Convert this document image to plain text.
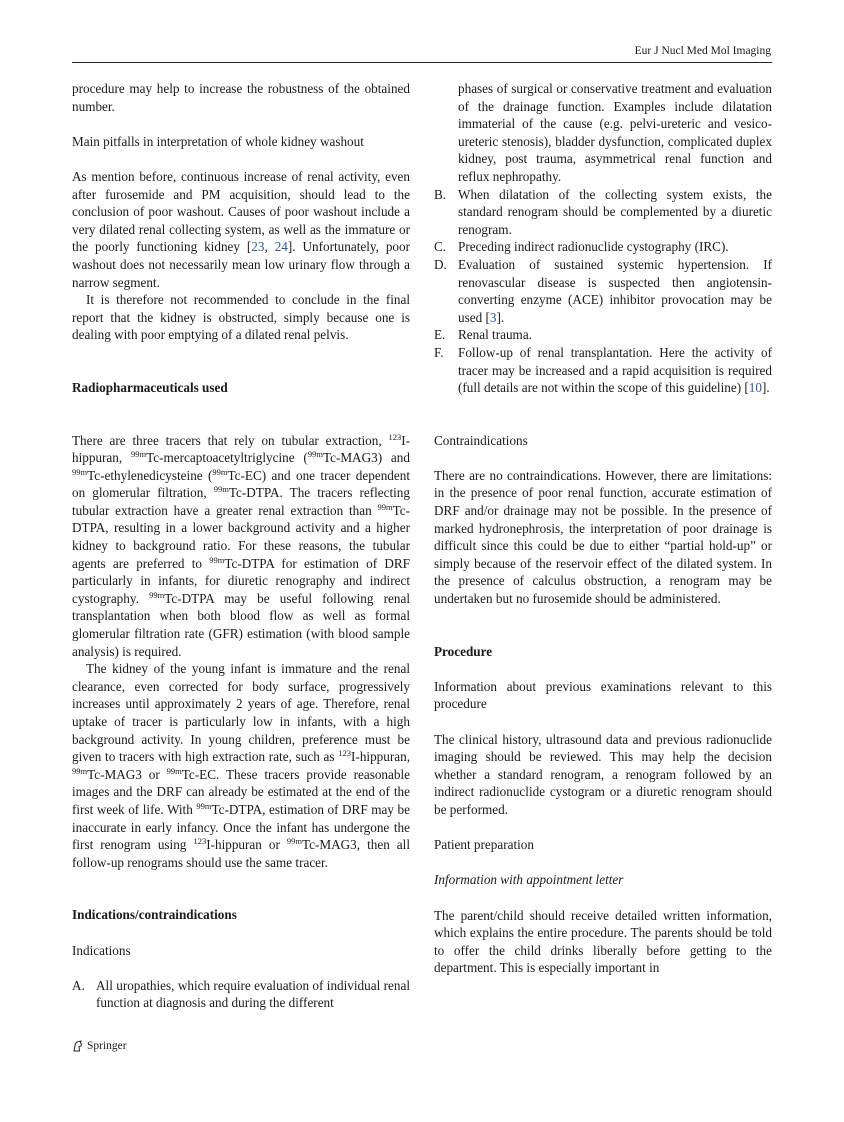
Eur J Nucl Med Mol Imaging

procedure may help to increase the robustness of the obtained number.

Main pitfalls in interpretation of whole kidney washout

As mention before, continuous increase of renal activity, even after furosemide and PM acquisition, should lead to the conclusion of poor washout. Causes of poor washout include a very dilated renal collecting system, as well as the immature or the poorly functioning kidney [23, 24]. Unfortunately, poor washout does not necessarily mean low urinary flow through a narrow segment.

It is therefore not recommended to conclude in the final report that the kidney is obstructed, simply because one is dealing with poor emptying of a dilated renal pelvis.

Radiopharmaceuticals used

There are three tracers that rely on tubular extraction, $^{123}$I-hippuran, $^{99m}$Tc-mercaptoacetyltriglycine ($^{99m}$Tc-MAG3) and $^{99m}$Tc-ethylenedicysteine ($^{99m}$Tc-EC) and one tracer dependent on glomerular filtration, $^{99m}$Tc-DTPA. The tracers reflecting tubular extraction have a greater renal extraction than $^{99m}$Tc-DTPA, resulting in a lower background activity and a higher kidney to background ratio. For these reasons, the tubular agents are preferred to $^{99m}$Tc-DTPA for estimation of DRF particularly in infants, for diuretic renography and indirect cystography. $^{99m}$Tc-DTPA may be useful following renal transplantation when both blood flow as well as formal glomerular filtration rate (GFR) estimation (with blood sample analysis) is required.

The kidney of the young infant is immature and the renal clearance, even corrected for body surface, progressively increases until approximately 2 years of age. Therefore, renal uptake of tracer is particularly low in infants, with a high background activity. In young children, preference must be given to tracers with high extraction rate, such as $^{123}$I-hippuran, $^{99m}$Tc-MAG3 or $^{99m}$Tc-EC. These tracers provide reasonable images and the DRF can already be estimated at the end of the first week of life. With $^{99m}$Tc-DTPA, estimation of DRF may be inaccurate in early infancy. Once the infant has undergone the first renogram using $^{123}$I-hippuran or $^{99m}$Tc-MAG3, then all follow-up renograms should use the same tracer.

Indications/contraindications

Indications

A. All uropathies, which require evaluation of individual renal function at diagnosis and during the different
phases of surgical or conservative treatment and evaluation of the drainage function. Examples include dilatation immaterial of the cause (e.g. pelvi-ureteric and vesico-ureteric stenosis), bladder dysfunction, complicated duplex kidney, post trauma, asymmetrical renal function and reflux nephropathy.
B. When dilatation of the collecting system exists, the standard renogram should be complemented by a diuretic renogram.
C. Preceding indirect radionuclide cystography (IRC).
D. Evaluation of sustained systemic hypertension. If renovascular disease is suspected then angiotensin-converting enzyme (ACE) inhibitor provocation may be used [3].
E. Renal trauma.
F. Follow-up of renal transplantation. Here the activity of tracer may be increased and a rapid acquisition is required (full details are not within the scope of this guideline) [10].

Contraindications

There are no contraindications. However, there are limitations: in the presence of poor renal function, accurate estimation of DRF and/or drainage may not be possible. In the presence of marked hydronephrosis, the interpretation of poor drainage is difficult since this could be due to either “partial hold-up” or simply because of the reservoir effect of the dilated system. In the presence of calculus obstruction, a renogram may be undertaken but no furosemide should be administered.

Procedure

Information about previous examinations relevant to this procedure

The clinical history, ultrasound data and previous radionuclide imaging should be reviewed. This may help the decision whether a standard renogram, a renogram followed by an indirect radionuclide cystogram or a diuretic renogram should be performed.

Patient preparation

Information with appointment letter

The parent/child should receive detailed written information, which explains the entire procedure. The parents should be told to offer the child drinks liberally before getting to the department. This is especially important in

Springer
